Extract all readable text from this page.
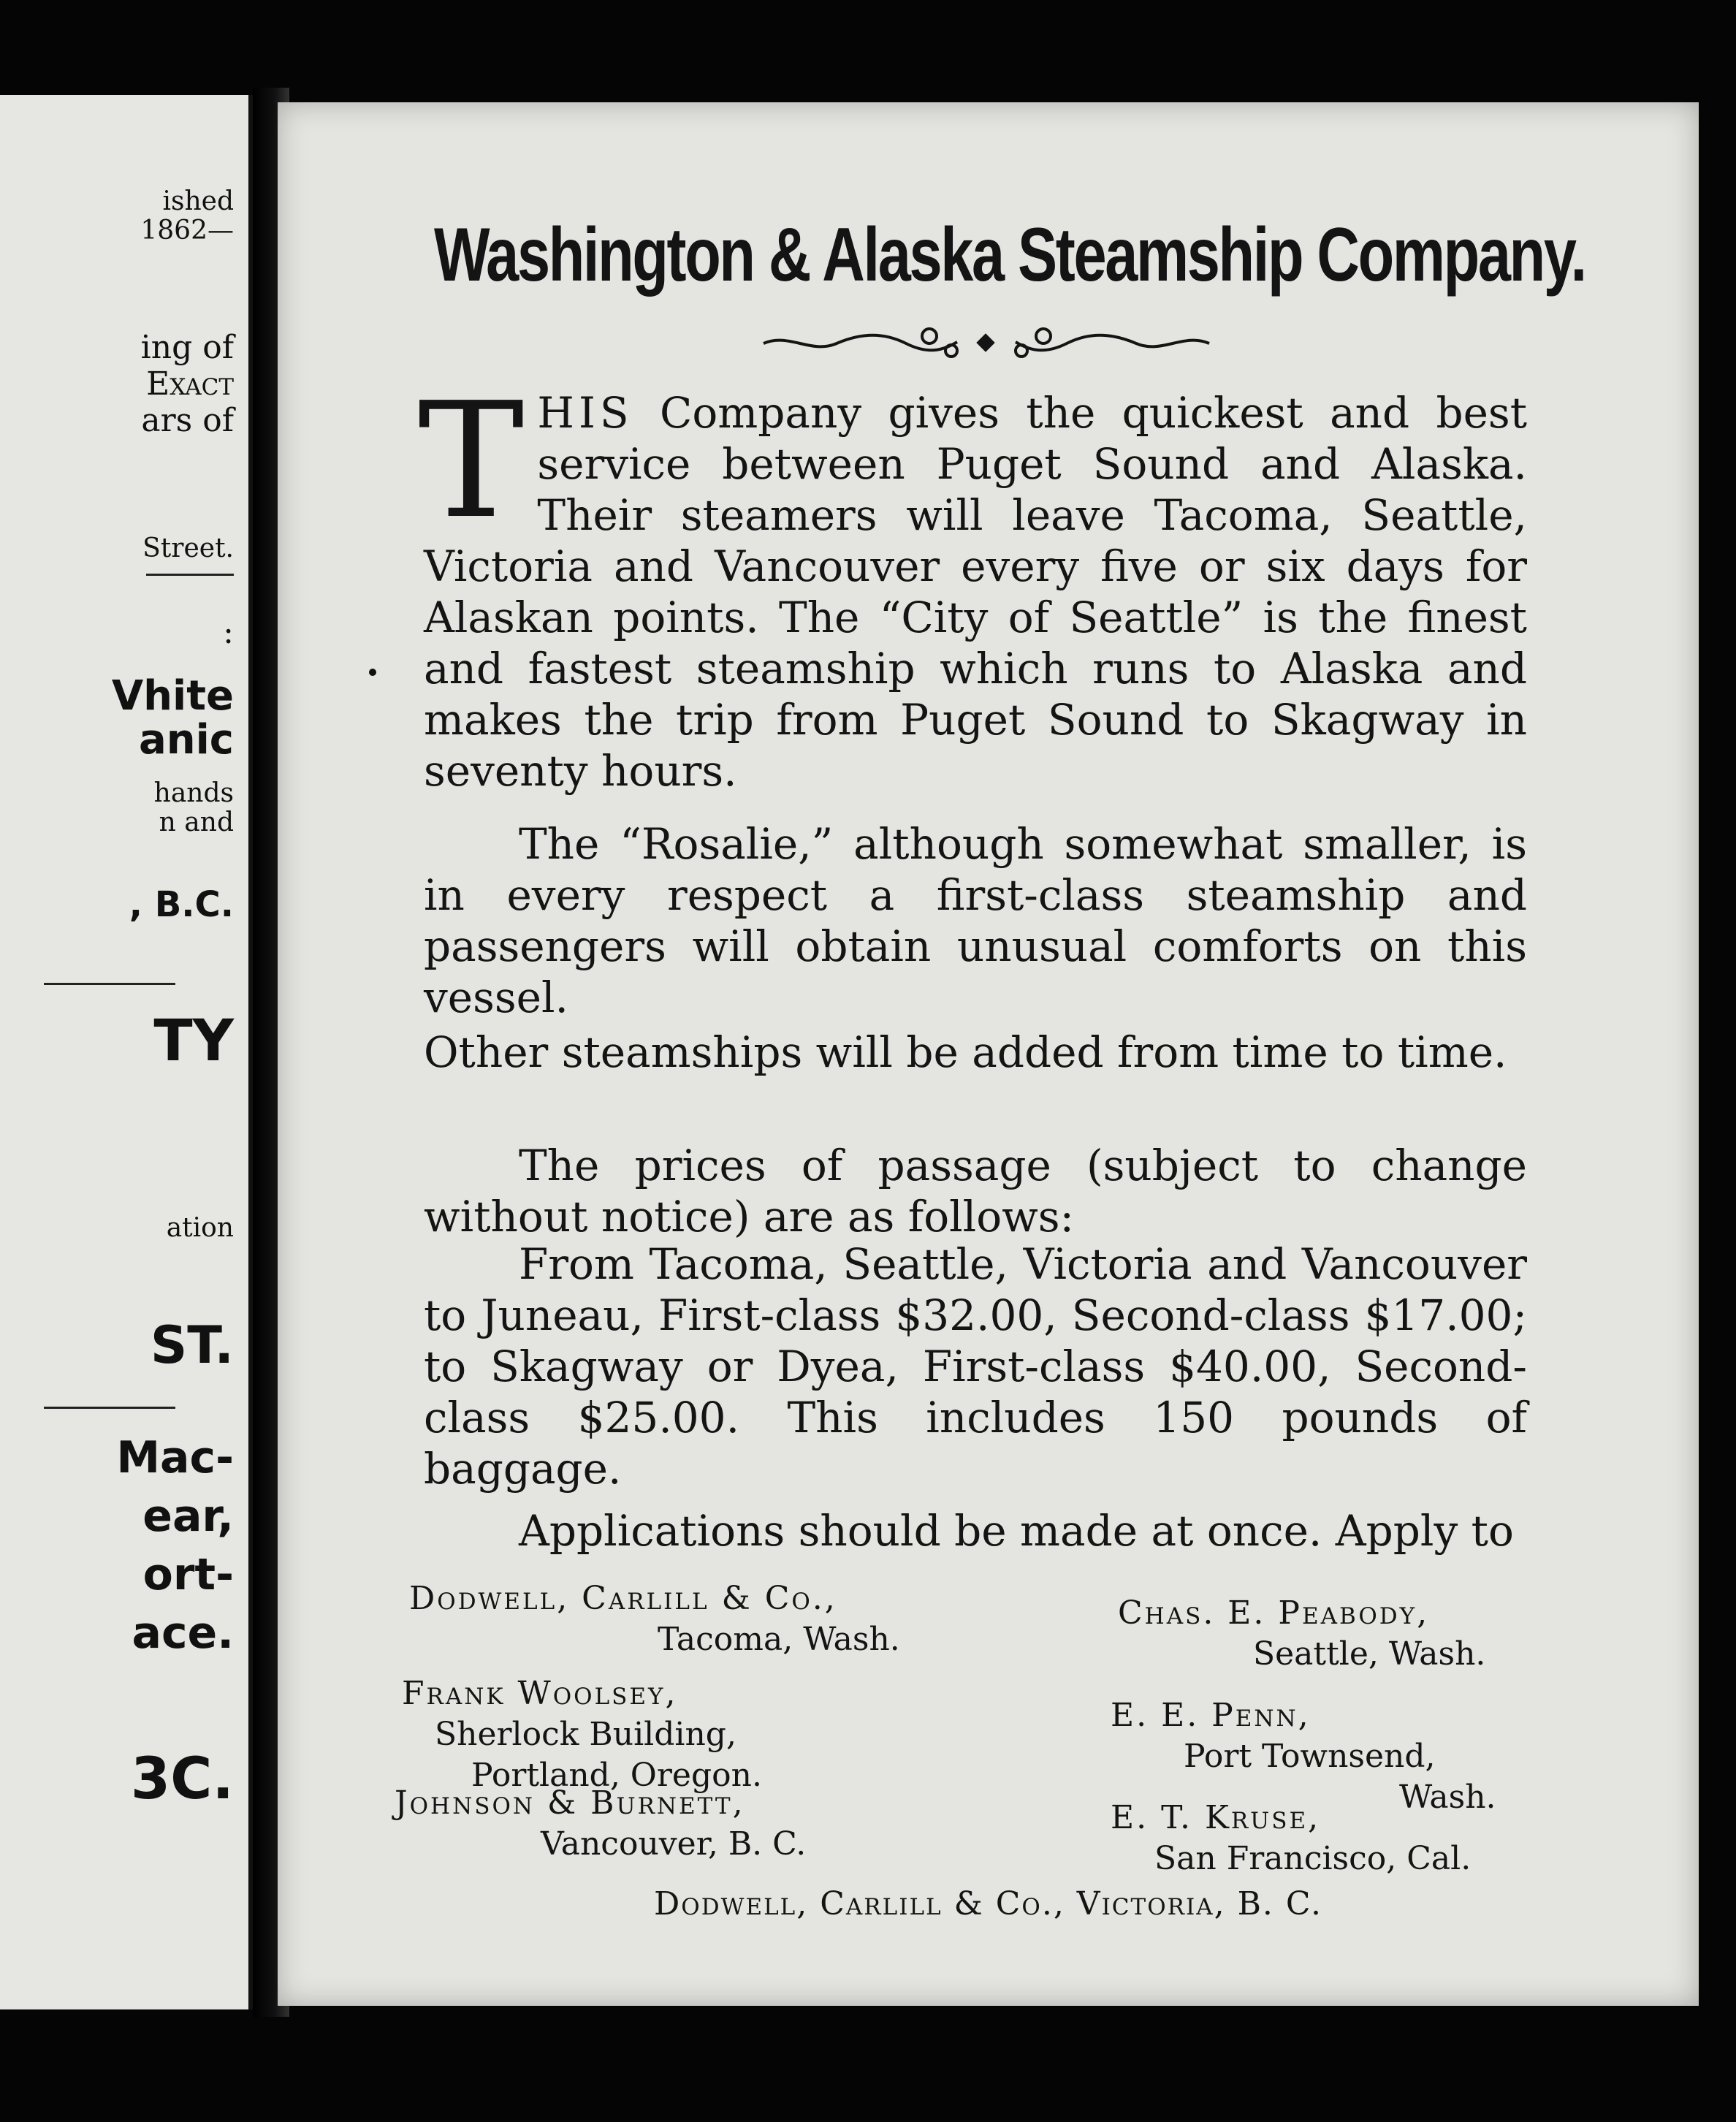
ished
1862—
ing of
Exact
ars of
Street.
:
Vhite
anic
hands
n and
, B.C.
TY
ation
ST.
Mac-
ear,
ort-
ace.
3C.
Washington & Alaska Steamship Company.
THIS Company gives the quickest and best service between Puget Sound and Alaska. Their steamers will leave Tacoma, Seattle, Victoria and Vancouver every five or six days for Alaskan points. The “City of Seattle” is the finest and fastest steamship which runs to Alaska and makes the trip from Puget Sound to Skagway in seventy hours.
The “Rosalie,” although somewhat smaller, is in every respect a first-class steamship and passengers will obtain unusual comforts on this vessel.
Other steamships will be added from time to time.
The prices of passage (subject to change without notice) are as follows:
From Tacoma, Seattle, Victoria and Vancouver to Juneau, First-class $32.00, Second-class $17.00; to Skagway or Dyea, First-class $40.00, Second-class $25.00. This includes 150 pounds of baggage.
Applications should be made at once. Apply to
Dodwell, Carlill & Co.,
Tacoma, Wash.
Chas. E. Peabody,
Seattle, Wash.
Frank Woolsey,
Sherlock Building,
Portland, Oregon.
E. E. Penn,
Port Townsend,
Wash.
Johnson & Burnett,
Vancouver, B. C.
E. T. Kruse,
San Francisco, Cal.
Dodwell, Carlill & Co., Victoria, B. C.
